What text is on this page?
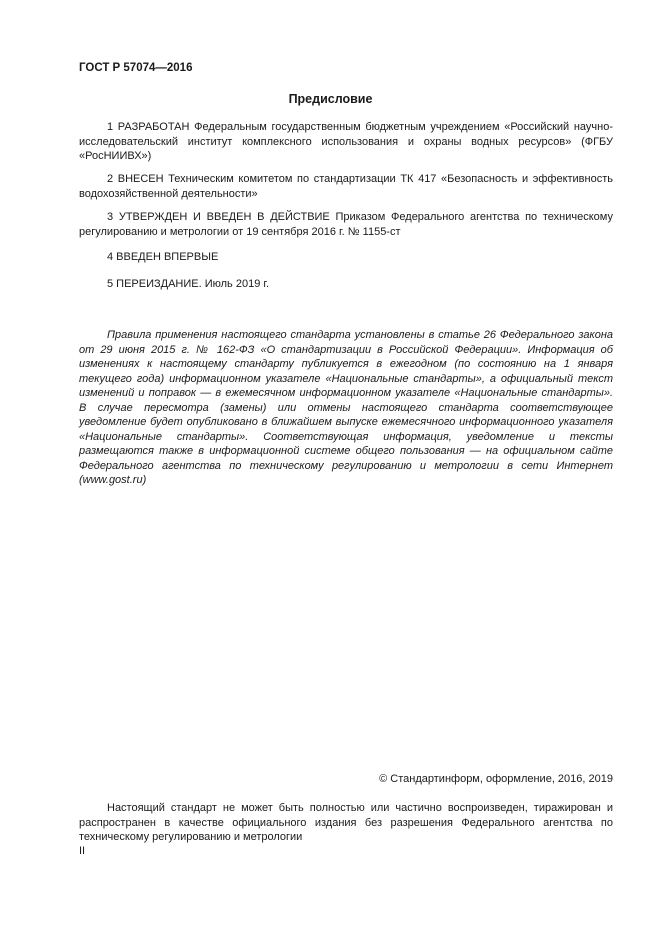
ГОСТ Р 57074—2016
Предисловие
1 РАЗРАБОТАН Федеральным государственным бюджетным учреждением «Российский научно-исследовательский институт комплексного использования и охраны водных ресурсов» (ФГБУ «РосНИИВХ»)
2 ВНЕСЕН Техническим комитетом по стандартизации ТК 417 «Безопасность и эффективность водохозяйственной деятельности»
3 УТВЕРЖДЕН И ВВЕДЕН В ДЕЙСТВИЕ Приказом Федерального агентства по техническому регулированию и метрологии от 19 сентября 2016 г. № 1155-ст
4 ВВЕДЕН ВПЕРВЫЕ
5 ПЕРЕИЗДАНИЕ. Июль 2019 г.
Правила применения настоящего стандарта установлены в статье 26 Федерального закона от 29 июня 2015 г. № 162-ФЗ «О стандартизации в Российской Федерации». Информация об изменениях к настоящему стандарту публикуется в ежегодном (по состоянию на 1 января текущего года) информационном указателе «Национальные стандарты», а официальный текст изменений и поправок — в ежемесячном информационном указателе «Национальные стандарты». В случае пересмотра (замены) или отмены настоящего стандарта соответствующее уведомление будет опубликовано в ближайшем выпуске ежемесячного информационного указателя «Национальные стандарты». Соответствующая информация, уведомление и тексты размещаются также в информационной системе общего пользования — на официальном сайте Федерального агентства по техническому регулированию и метрологии в сети Интернет (www.gost.ru)
© Стандартинформ, оформление, 2016, 2019
Настоящий стандарт не может быть полностью или частично воспроизведен, тиражирован и распространен в качестве официального издания без разрешения Федерального агентства по техническому регулированию и метрологии
II
